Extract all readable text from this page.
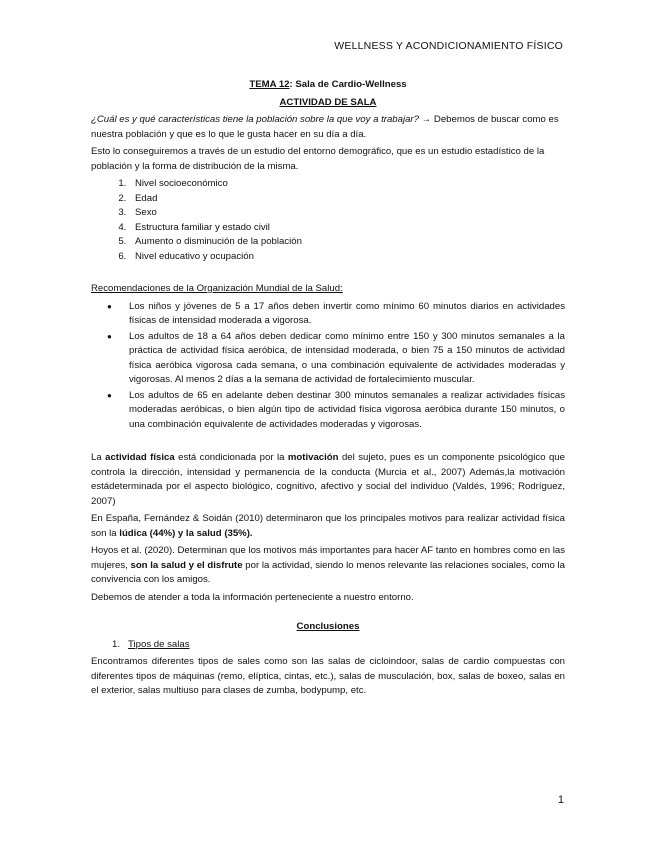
WELLNESS Y ACONDICIONAMIENTO FÍSICO

TEMA 12: Sala de Cardio-Wellness

ACTIVIDAD DE SALA

¿Cuál es y qué características tiene la población sobre la que voy a trabajar? → Debemos de buscar como es nuestra población y que es lo que le gusta hacer en su día a día.

Esto lo conseguiremos a través de un estudio del entorno demográfico, que es un estudio estadístico de la población y la forma de distribución de la misma.

1. Nivel socioeconómico
2. Edad
3. Sexo
4. Estructura familiar y estado civil
5. Aumento o disminución de la población
6. Nivel educativo y ocupación

Recomendaciones de la Organización Mundial de la Salud:

● Los niños y jóvenes de 5 a 17 años deben invertir como mínimo 60 minutos diarios en actividades físicas de intensidad moderada a vigorosa.
● Los adultos de 18 a 64 años deben dedicar como mínimo entre 150 y 300 minutos semanales a la práctica de actividad física aeróbica, de intensidad moderada, o bien 75 a 150 minutos de actividad física aeróbica vigorosa cada semana, o una combinación equivalente de actividades moderadas y vigorosas. Al menos 2 días a la semana de actividad de fortalecimiento muscular.
● Los adultos de 65 en adelante deben destinar 300 minutos semanales a realizar actividades físicas moderadas aeróbicas, o bien algún tipo de actividad física vigorosa aeróbica durante 150 minutos, o una combinación equivalente de actividades moderadas y vigorosas.

La actividad física está condicionada por la motivación del sujeto, pues es un componente psicológico que controla la dirección, intensidad y permanencia de la conducta (Murcia et al., 2007) Además,la motivación estádeterminada por el aspecto biológico, cognitivo, afectivo y social del individuo (Valdés, 1996; Rodríguez, 2007)

En España, Fernández & Soidán (2010) determinaron que los principales motivos para realizar actividad física son la lúdica (44%) y la salud (35%).

Hoyos et al. (2020). Determinan que los motivos más importantes para hacer AF tanto en hombres como en las mujeres, son la salud y el disfrute por la actividad, siendo lo menos relevante las relaciones sociales, como la convivencia con los amigos.

Debemos de atender a toda la información perteneciente a nuestro entorno.

Conclusiones

1. Tipos de salas

Encontramos diferentes tipos de sales como son las salas de cicloindoor, salas de cardio compuestas con diferentes tipos de máquinas (remo, elíptica, cintas, etc.), salas de musculación, box, salas de boxeo, salas en el exterior, salas multiuso para clases de zumba, bodypump, etc.

1
